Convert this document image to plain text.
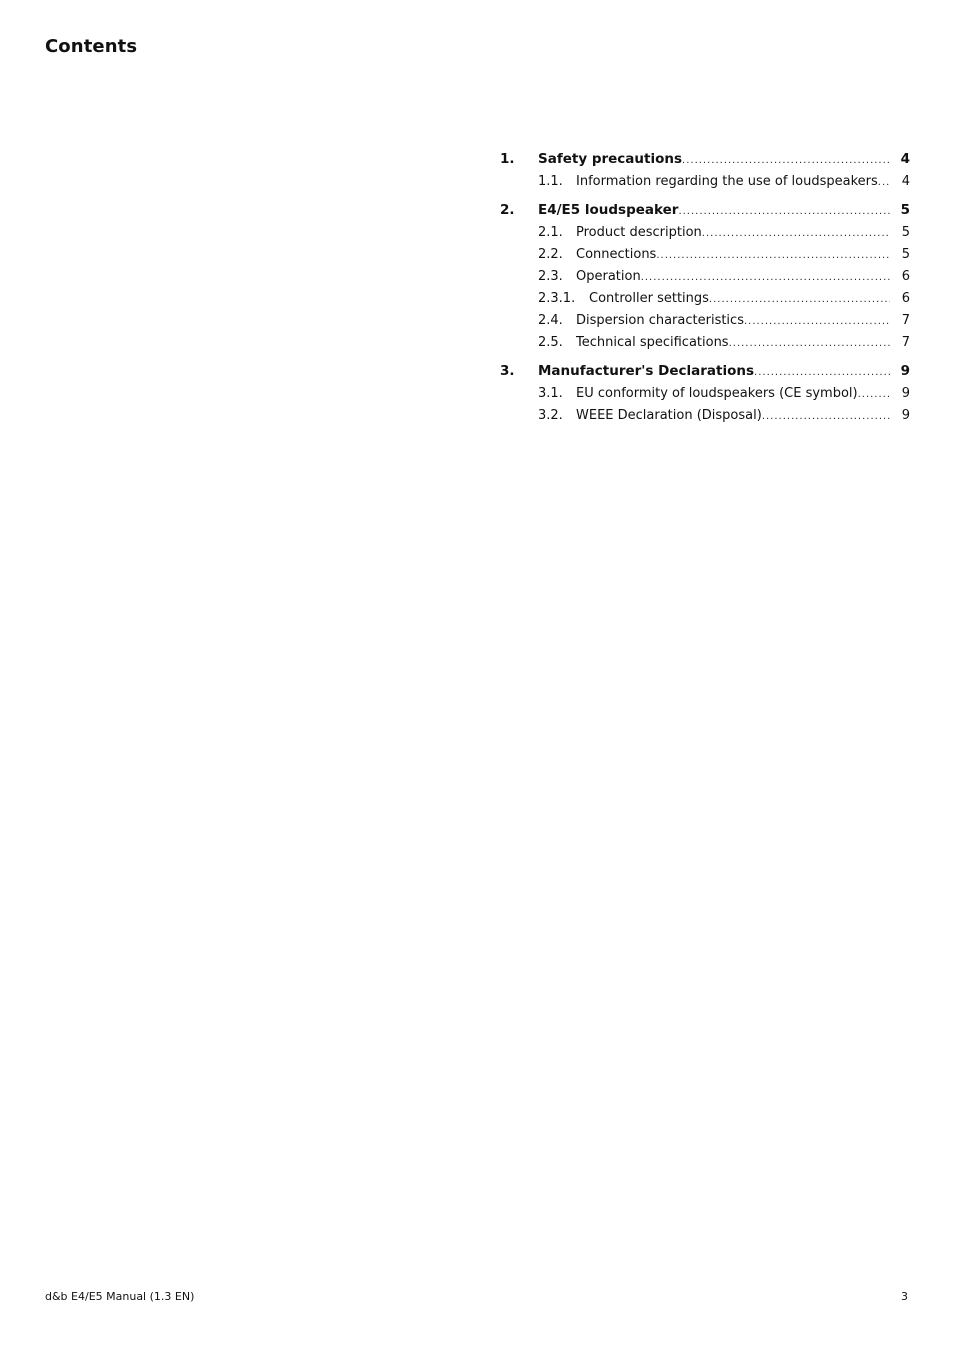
Contents
1.	Safety precautions .....	4
1.1.	Information regarding the use of loudspeakers ..... 4
2.	E4/E5 loudspeaker .....	5
2.1.	Product description .....	5
2.2.	Connections .....	5
2.3.	Operation .....	6
2.3.1.	Controller settings .....	6
2.4.	Dispersion characteristics .....	7
2.5.	Technical specifications .....	7
3.	Manufacturer's Declarations .....	9
3.1.	EU conformity of loudspeakers (CE symbol) .....	9
3.2.	WEEE Declaration (Disposal) .....	9
d&b E4/E5 Manual (1.3 EN)	3
